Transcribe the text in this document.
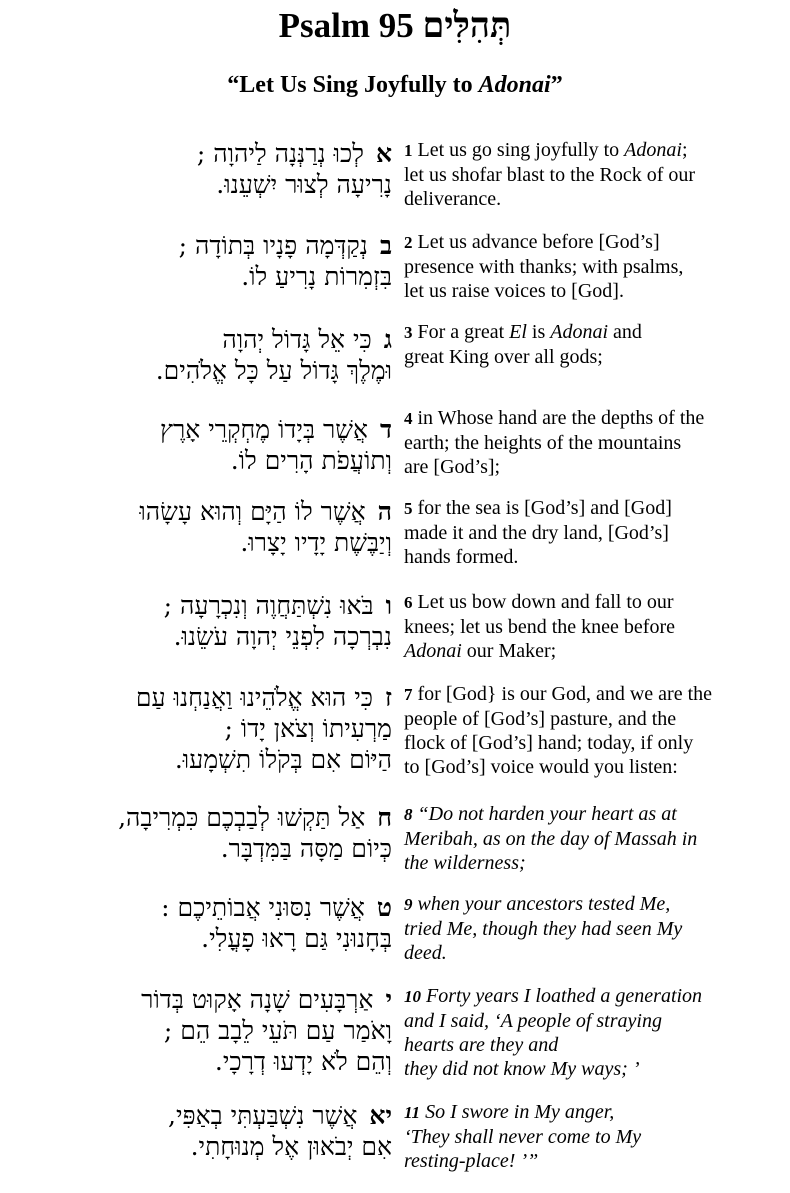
Psalm 95 תְּהִלִּים
“Let Us Sing Joyfully to Adonai”
אלְכוּ נְרַנְּנָה לַיהוָה ;
נָרִיעָה לְצוּר יִשְׁעֵנוּ.
1 Let us go sing joyfully to Adonai;
let us shofar blast to the Rock of our
deliverance.
בנְקַדְּמָה פָנָיו בְּתוֹדָה ;
בִּזְמִרוֹת נָרִיעַ לוֹ.
2 Let us advance before [God’s]
presence with thanks; with psalms,
let us raise voices to [God].
גכִּי אֵל גָּדוֹל יְהוָה
וּמֶלֶךְ גָּדוֹל עַל כָּל אֱלֹהִים.
3 For a great El is Adonai and
great King over all gods;
דאֲשֶׁר בְּיָדוֹ מֶחְקְרֵי אָרֶץ
וְתוֹעֲפֹת הָרִים לוֹ.
4 in Whose hand are the depths of the
earth; the heights of the mountains
are [God’s];
האֲשֶׁר לוֹ הַיָּם וְהוּא עָשָׂהוּ
וְיַבֶּשֶׁת יָדָיו יָצָרוּ.
5 for the sea is [God’s] and [God]
made it and the dry land, [God’s]
hands formed.
ובֹּאוּ נִשְׁתַּחֲוֶה וְנִכְרָעָה ;
נִבְרְכָה לִפְנֵי יְהוָה עֹשֵׂנוּ.
6 Let us bow down and fall to our
knees; let us bend the knee before
Adonai our Maker;
זכִּי הוּא אֱלֹהֵינוּ וַאֲנַחְנוּ עַם
מַרְעִיתוֹ וְצֹאן יָדוֹ ;
הַיּוֹם אִם בְּקֹלוֹ תִשְׁמָעוּ.
7 for [God} is our God, and we are the
people of [God’s] pasture, and the
flock of [God’s] hand; today, if only
to [God’s] voice would you listen:
חאַל תַּקְשׁוּ לְבַבְכֶם כִּמְרִיבָה,
כְּיוֹם מַסָּה בַּמִּדְבָּר.
8 “Do not harden your heart as at
Meribah, as on the day of Massah in
the wilderness;
טאֲשֶׁר נִסּוּנִי אֲבוֹתֵיכֶם :
בְּחָנוּנִי גַּם רָאוּ פָעֳלִי.
9 when your ancestors tested Me,
tried Me, though they had seen My
deed.
יאַרְבָּעִים שָׁנָה אָקוּט בְּדוֹר
וָאֹמַר עַם תֹּעֵי לֵבָב הֵם ;
וְהֵם לֹא יָדְעוּ דְרָכָי.
10 Forty years I loathed a generation
and I said, ‘A people of straying
hearts are they and
they did not know My ways; ’
יאאֲשֶׁר נִשְׁבַּעְתִּי בְאַפִּי,
אִם יְבֹאוּן אֶל מְנוּחָתִי.
11 So I swore in My anger,
‘They shall never come to My
resting-place! ’”
